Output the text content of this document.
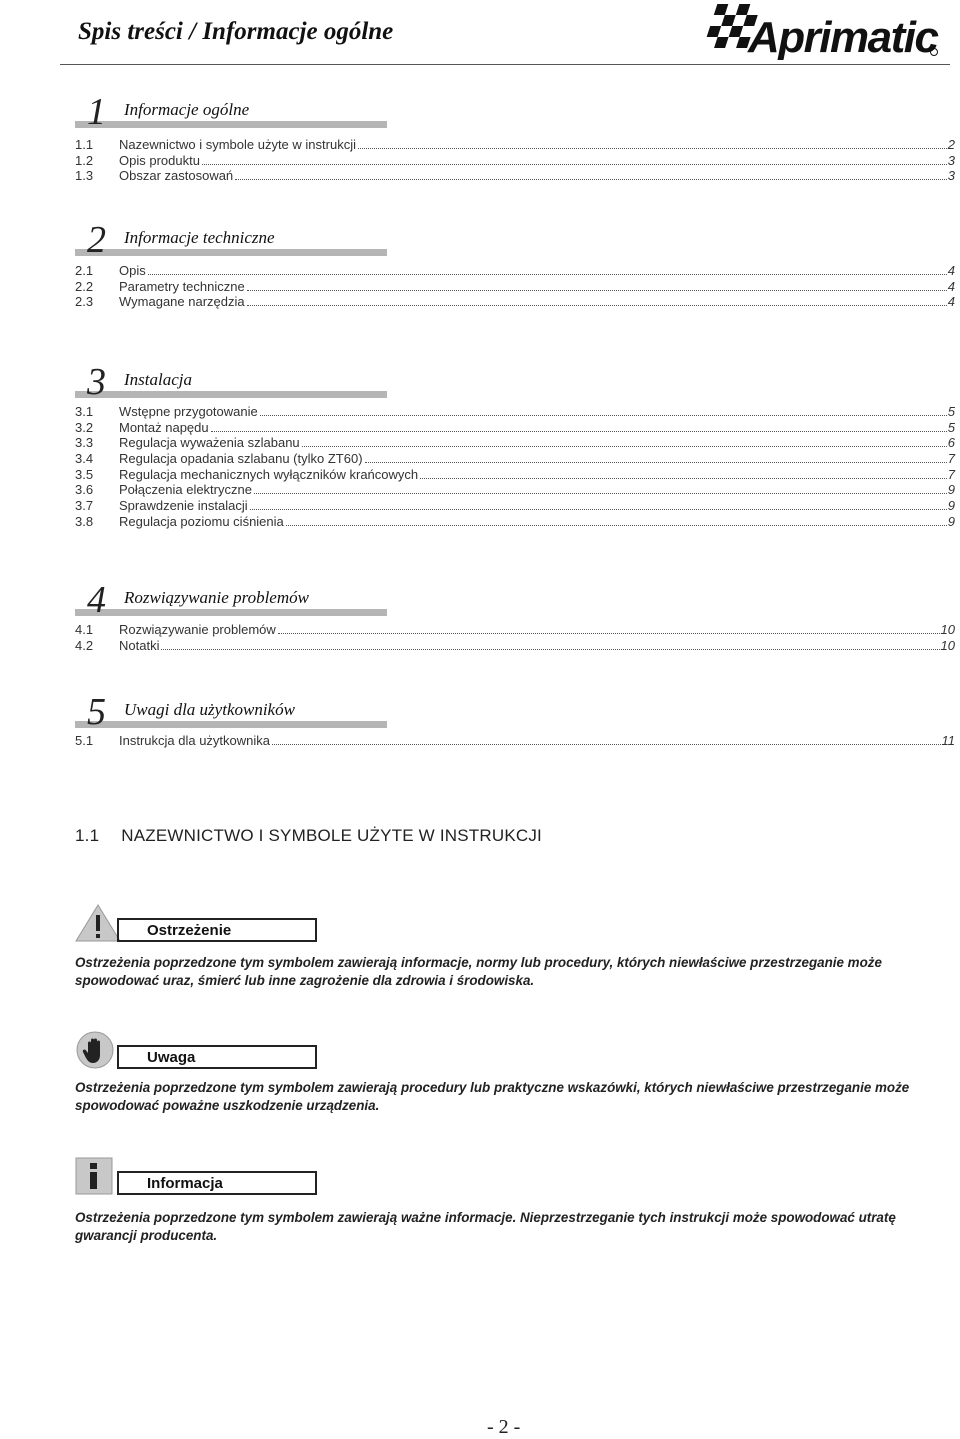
Spis treści / Informacje ogólne	Aprimatic
1 Informacje ogólne
1.1	Nazewnictwo i symbole użyte w instrukcji	2
1.2	Opis produktu	3
1.3	Obszar zastosowań	3
2 Informacje techniczne
2.1	Opis	4
2.2	Parametry techniczne	4
2.3	Wymagane narzędzia	4
3 Instalacja
3.1	Wstępne przygotowanie	5
3.2	Montaż napędu	5
3.3	Regulacja wyważenia szlabanu	6
3.4	Regulacja opadania szlabanu (tylko ZT60)	7
3.5	Regulacja mechanicznych wyłączników krańcowych	7
3.6	Połączenia elektryczne	9
3.7	Sprawdzenie instalacji	9
3.8	Regulacja poziomu ciśnienia	9
4 Rozwiązywanie problemów
4.1	Rozwiązywanie problemów	10
4.2	Notatki	10
5 Uwagi dla użytkowników
5.1	Instrukcja dla użytkownika	11
1.1 NAZEWNICTWO I SYMBOLE UŻYTE W INSTRUKCJI
Ostrzeżenie
Ostrzeżenia poprzedzone tym symbolem zawierają informacje, normy lub procedury, których niewłaściwe przestrzeganie może spowodować uraz, śmierć lub inne zagrożenie dla zdrowia i środowiska.
Uwaga
Ostrzeżenia poprzedzone tym symbolem zawierają procedury lub praktyczne wskazówki, których niewłaściwe przestrzeganie może spowodować poważne uszkodzenie urządzenia.
Informacja
Ostrzeżenia poprzedzone tym symbolem zawierają ważne informacje. Nieprzestrzeganie tych instrukcji może spowodować utratę gwarancji producenta.
- 2 -
